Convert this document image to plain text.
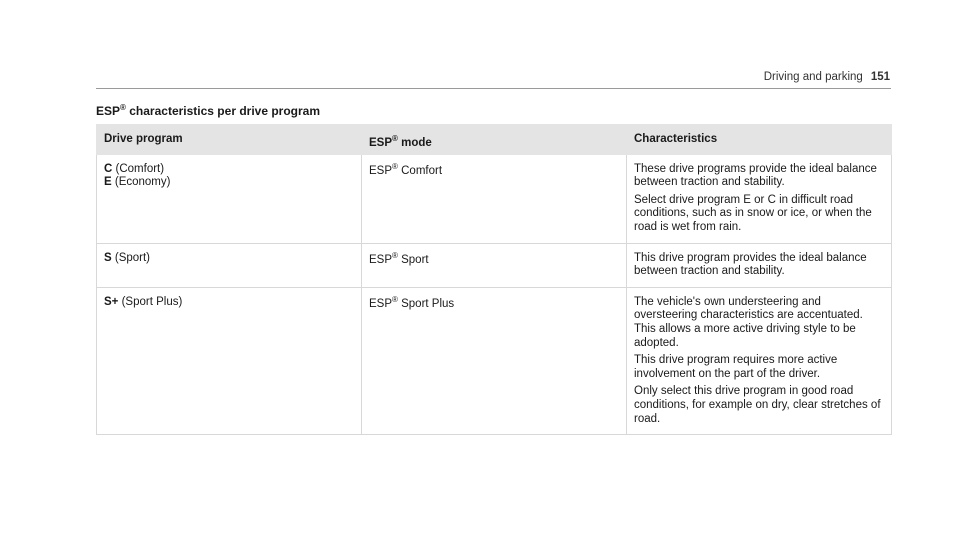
Driving and parking 151
ESP® characteristics per drive program
Drive program	ESP® mode	Characteristics

C (Comfort)
E (Economy)	ESP® Comfort	These drive programs provide the ideal balance between traction and stability.
Select drive program E or C in difficult road conditions, such as in snow or ice, or when the road is wet from rain.

S (Sport)	ESP® Sport	This drive program provides the ideal balance between traction and stability.

S+ (Sport Plus)	ESP® Sport Plus	The vehicle's own understeering and oversteering characteristics are accentuated. This allows a more active driving style to be adopted.
This drive program requires more active involvement on the part of the driver.
Only select this drive program in good road conditions, for example on dry, clear stretches of road.
